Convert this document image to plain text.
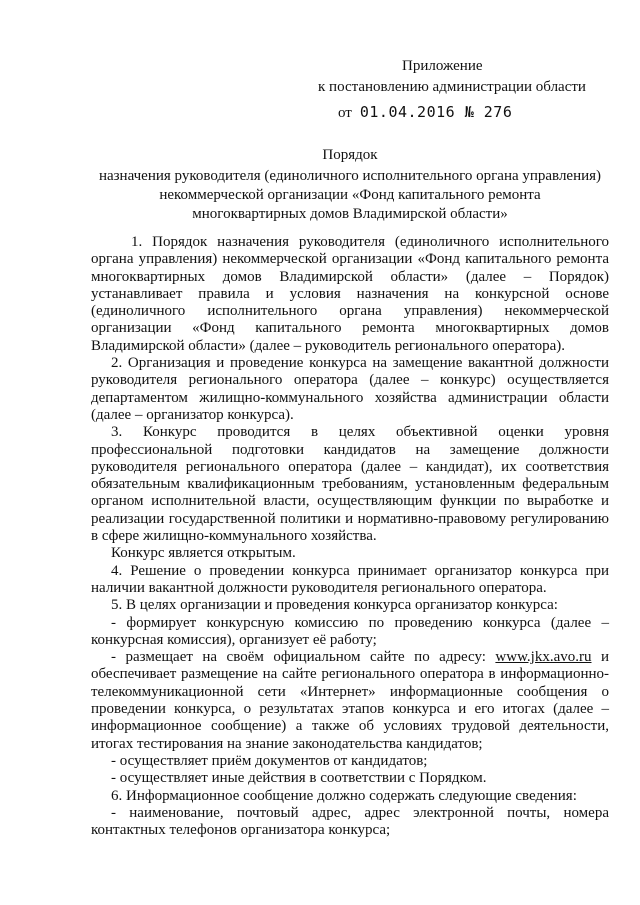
Приложение
к постановлению администрации области
от 01.04.2016 № 276
Порядок
назначения руководителя (единоличного исполнительного органа управления)
некоммерческой организации «Фонд капитального ремонта
многоквартирных домов Владимирской области»

1. Порядок назначения руководителя (единоличного исполнительного органа управления) некоммерческой организации «Фонд капитального ремонта многоквартирных домов Владимирской области» (далее – Порядок) устанавливает правила и условия назначения на конкурсной основе (единоличного исполнительного органа управления) некоммерческой организации «Фонд капитального ремонта многоквартирных домов Владимирской области» (далее – руководитель регионального оператора).

2. Организация и проведение конкурса на замещение вакантной должности руководителя регионального оператора (далее – конкурс) осуществляется департаментом жилищно-коммунального хозяйства администрации области (далее – организатор конкурса).

3. Конкурс проводится в целях объективной оценки уровня профессиональной подготовки кандидатов на замещение должности руководителя регионального оператора (далее – кандидат), их соответствия обязательным квалификационным требованиям, установленным федеральным органом исполнительной власти, осуществляющим функции по выработке и реализации государственной политики и нормативно-правовому регулированию в сфере жилищно-коммунального хозяйства.

Конкурс является открытым.

4. Решение о проведении конкурса принимает организатор конкурса при наличии вакантной должности руководителя регионального оператора.

5. В целях организации и проведения конкурса организатор конкурса:

- формирует конкурсную комиссию по проведению конкурса (далее – конкурсная комиссия), организует её работу;

- размещает на своём официальном сайте по адресу: www.jkx.avo.ru и обеспечивает размещение на сайте регионального оператора в информационно-телекоммуникационной сети «Интернет» информационные сообщения о проведении конкурса, о результатах этапов конкурса и его итогах (далее – информационное сообщение) а также об условиях трудовой деятельности, итогах тестирования на знание законодательства кандидатов;

- осуществляет приём документов от кандидатов;

- осуществляет иные действия в соответствии с Порядком.

6. Информационное сообщение должно содержать следующие сведения:

- наименование, почтовый адрес, адрес электронной почты, номера контактных телефонов организатора конкурса;
